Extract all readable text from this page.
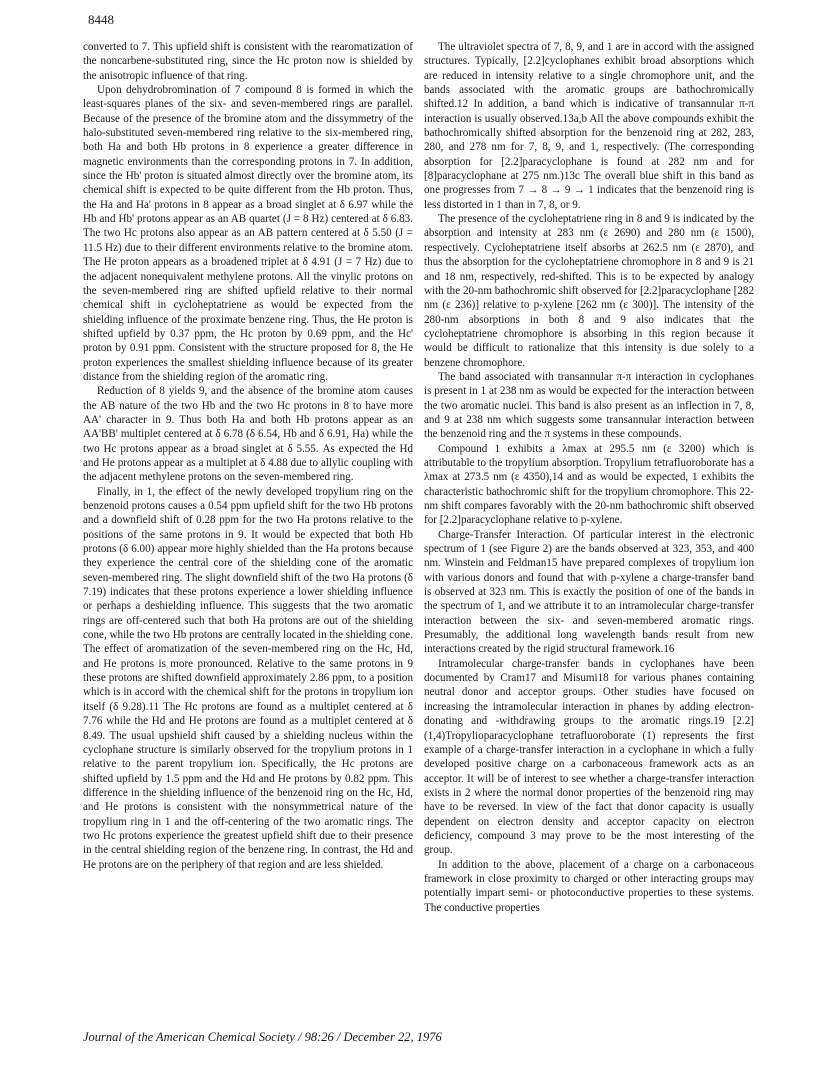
8448

converted to 7. This upfield shift is consistent with the rearomatization of the noncarbene-substituted ring, since the Hc proton now is shielded by the anisotropic influence of that ring.

Upon dehydrobromination of 7 compound 8 is formed in which the least-squares planes of the six- and seven-membered rings are parallel. Because of the presence of the bromine atom and the dissymmetry of the halo-substituted seven-membered ring relative to the six-membered ring, both Ha and both Hb protons in 8 experience a greater difference in magnetic environments than the corresponding protons in 7. In addition, since the Hb' proton is situated almost directly over the bromine atom, its chemical shift is expected to be quite different from the Hb proton. Thus, the Ha and Ha' protons in 8 appear as a broad singlet at δ 6.97 while the Hb and Hb' protons appear as an AB quartet (J = 8 Hz) centered at δ 6.83. The two Hc protons also appear as an AB pattern centered at δ 5.50 (J = 11.5 Hz) due to their different environments relative to the bromine atom. The He proton appears as a broadened triplet at δ 4.91 (J = 7 Hz) due to the adjacent nonequivalent methylene protons. All the vinylic protons on the seven-membered ring are shifted upfield relative to their normal chemical shift in cycloheptatriene as would be expected from the shielding influence of the proximate benzene ring. Thus, the He proton is shifted upfield by 0.37 ppm, the Hc proton by 0.69 ppm, and the Hc' proton by 0.91 ppm. Consistent with the structure proposed for 8, the He proton experiences the smallest shielding influence because of its greater distance from the shielding region of the aromatic ring.

Reduction of 8 yields 9, and the absence of the bromine atom causes the AB nature of the two Hb and the two Hc protons in 8 to have more AA' character in 9. Thus both Ha and both Hb protons appear as an AA'BB' multiplet centered at δ 6.78 (δ 6.54, Hb and δ 6.91, Ha) while the two Hc protons appear as a broad singlet at δ 5.55. As expected the Hd and He protons appear as a multiplet at δ 4.88 due to allylic coupling with the adjacent methylene protons on the seven-membered ring.

Finally, in 1, the effect of the newly developed tropylium ring on the benzenoid protons causes a 0.54 ppm upfield shift for the two Hb protons and a downfield shift of 0.28 ppm for the two Ha protons relative to the positions of the same protons in 9. It would be expected that both Hb protons (δ 6.00) appear more highly shielded than the Ha protons because they experience the central core of the shielding cone of the aromatic seven-membered ring. The slight downfield shift of the two Ha protons (δ 7.19) indicates that these protons experience a lower shielding influence or perhaps a deshielding influence. This suggests that the two aromatic rings are off-centered such that both Ha protons are out of the shielding cone, while the two Hb protons are centrally located in the shielding cone. The effect of aromatization of the seven-membered ring on the Hc, Hd, and He protons is more pronounced. Relative to the same protons in 9 these protons are shifted downfield approximately 2.86 ppm, to a position which is in accord with the chemical shift for the protons in tropylium ion itself (δ 9.28).11 The Hc protons are found as a multiplet centered at δ 7.76 while the Hd and He protons are found as a multiplet centered at δ 8.49. The usual upshield shift caused by a shielding nucleus within the cyclophane structure is similarly observed for the tropylium protons in 1 relative to the parent tropylium ion. Specifically, the Hc protons are shifted upfield by 1.5 ppm and the Hd and He protons by 0.82 ppm. This difference in the shielding influence of the benzenoid ring on the Hc, Hd, and He protons is consistent with the nonsymmetrical nature of the tropylium ring in 1 and the off-centering of the two aromatic rings. The two Hc protons experience the greatest upfield shift due to their presence in the central shielding region of the benzene ring. In contrast, the Hd and He protons are on the periphery of that region and are less shielded.

The ultraviolet spectra of 7, 8, 9, and 1 are in accord with the assigned structures. Typically, [2.2]cyclophanes exhibit broad absorptions which are reduced in intensity relative to a single chromophore unit, and the bands associated with the aromatic groups are bathochromically shifted.12 In addition, a band which is indicative of transannular π-π interaction is usually observed.13a,b All the above compounds exhibit the bathochromically shifted absorption for the benzenoid ring at 282, 283, 280, and 278 nm for 7, 8, 9, and 1, respectively. (The corresponding absorption for [2.2]paracyclophane is found at 282 nm and for [8]paracyclophane at 275 nm.)13c The overall blue shift in this band as one progresses from 7 → 8 → 9 → 1 indicates that the benzenoid ring is less distorted in 1 than in 7, 8, or 9.

The presence of the cycloheptatriene ring in 8 and 9 is indicated by the absorption and intensity at 283 nm (ε 2690) and 280 nm (ε 1500), respectively. Cycloheptatriene itself absorbs at 262.5 nm (ε 2870), and thus the absorption for the cycloheptatriene chromophore in 8 and 9 is 21 and 18 nm, respectively, red-shifted. This is to be expected by analogy with the 20-nm bathochromic shift observed for [2.2]paracyclophane [282 nm (ε 236)] relative to p-xylene [262 nm (ε 300)]. The intensity of the 280-nm absorptions in both 8 and 9 also indicates that the cycloheptatriene chromophore is absorbing in this region because it would be difficult to rationalize that this intensity is due solely to a benzene chromophore.

The band associated with transannular π-π interaction in cyclophanes is present in 1 at 238 nm as would be expected for the interaction between the two aromatic nuclei. This band is also present as an inflection in 7, 8, and 9 at 238 nm which suggests some transannular interaction between the benzenoid ring and the π systems in these compounds.

Compound 1 exhibits a λmax at 295.5 nm (ε 3200) which is attributable to the tropylium absorption. Tropylium tetrafluoroborate has a λmax at 273.5 nm (ε 4350),14 and as would be expected, 1 exhibits the characteristic bathochromic shift for the tropylium chromophore. This 22-nm shift compares favorably with the 20-nm bathochromic shift observed for [2.2]paracyclophane relative to p-xylene.

Charge-Transfer Interaction. Of particular interest in the electronic spectrum of 1 (see Figure 2) are the bands observed at 323, 353, and 400 nm. Winstein and Feldman15 have prepared complexes of tropylium ion with various donors and found that with p-xylene a charge-transfer band is observed at 323 nm. This is exactly the position of one of the bands in the spectrum of 1, and we attribute it to an intramolecular charge-transfer interaction between the six- and seven-membered aromatic rings. Presumably, the additional long wavelength bands result from new interactions created by the rigid structural framework.16

Intramolecular charge-transfer bands in cyclophanes have been documented by Cram17 and Misumi18 for various phanes containing neutral donor and acceptor groups. Other studies have focused on increasing the intramolecular interaction in phanes by adding electron-donating and -withdrawing groups to the aromatic rings.19 [2.2](1,4)Tropylioparacyclophane tetrafluoroborate (1) represents the first example of a charge-transfer interaction in a cyclophane in which a fully developed positive charge on a carbonaceous framework acts as an acceptor. It will be of interest to see whether a charge-transfer interaction exists in 2 where the normal donor properties of the benzenoid ring may have to be reversed. In view of the fact that donor capacity is usually dependent on electron density and acceptor capacity on electron deficiency, compound 3 may prove to be the most interesting of the group.

In addition to the above, placement of a charge on a carbonaceous framework in close proximity to charged or other interacting groups may potentially impart semi- or photoconductive properties to these systems. The conductive properties

Journal of the American Chemical Society / 98:26 / December 22, 1976
